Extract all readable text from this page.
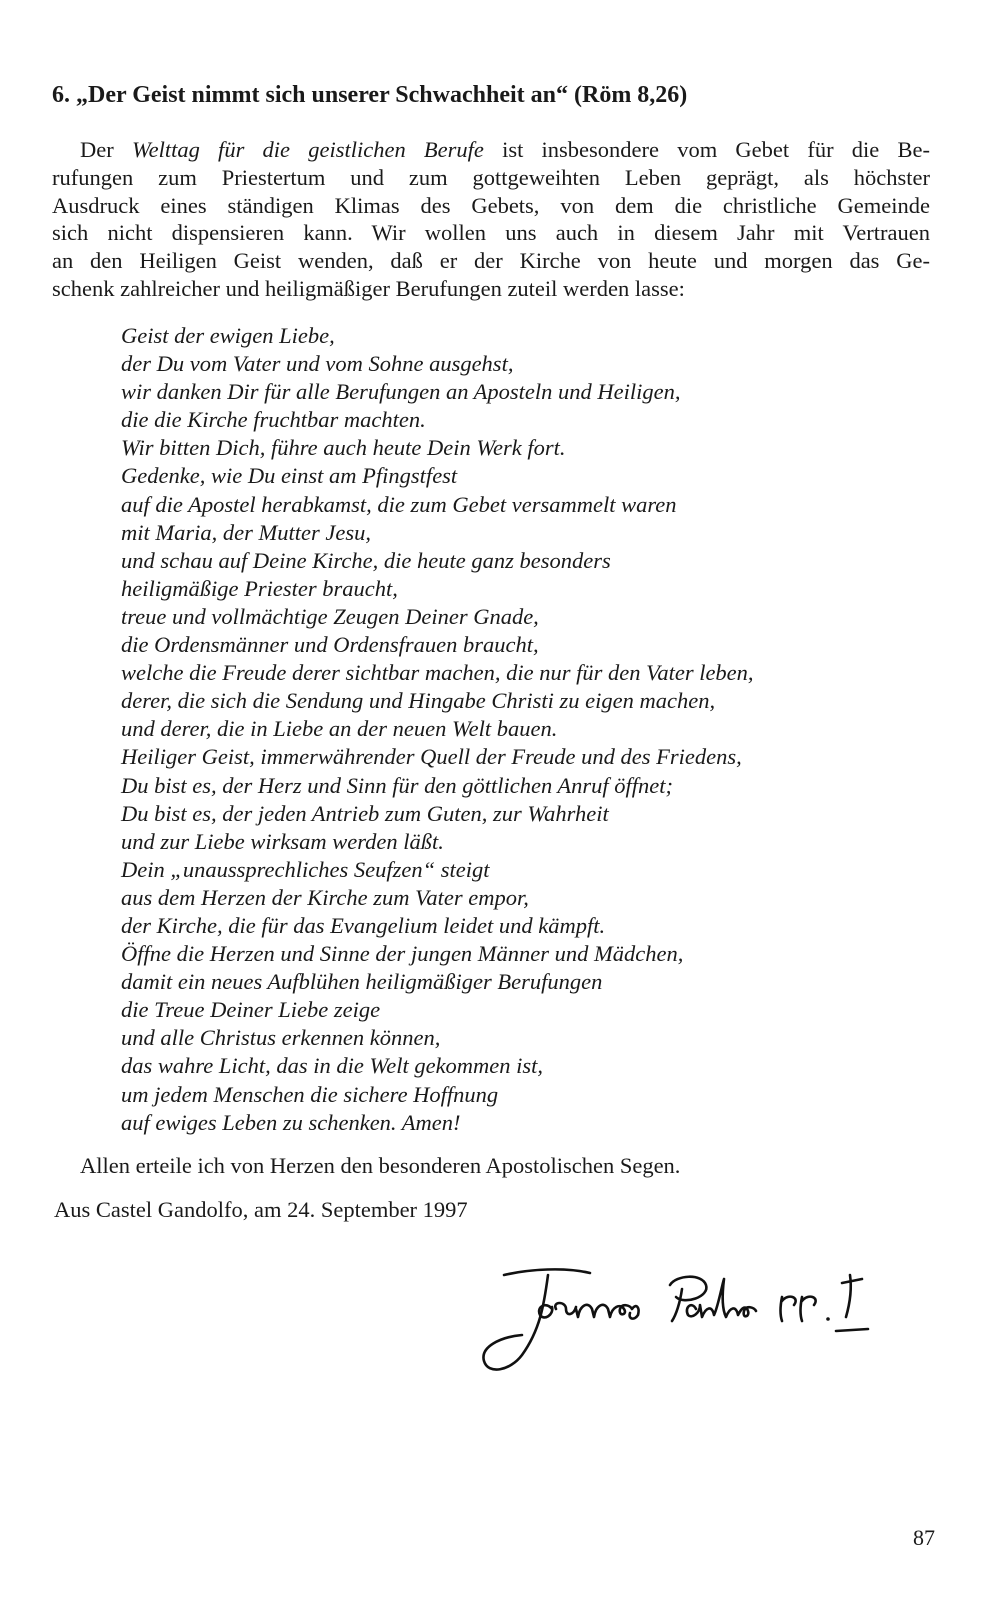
6. „Der Geist nimmt sich unserer Schwachheit an“ (Röm 8,26)
Der Welttag für die geistlichen Berufe ist insbesondere vom Gebet für die Be-
rufungen zum Priestertum und zum gottgeweihten Leben geprägt, als höchster
Ausdruck eines ständigen Klimas des Gebets, von dem die christliche Gemeinde
sich nicht dispensieren kann. Wir wollen uns auch in diesem Jahr mit Vertrauen
an den Heiligen Geist wenden, daß er der Kirche von heute und morgen das Ge-
schenk zahlreicher und heiligmäßiger Berufungen zuteil werden lasse:
Geist der ewigen Liebe,
der Du vom Vater und vom Sohne ausgehst,
wir danken Dir für alle Berufungen an Aposteln und Heiligen,
die die Kirche fruchtbar machten.
Wir bitten Dich, führe auch heute Dein Werk fort.
Gedenke, wie Du einst am Pfingstfest
auf die Apostel herabkamst, die zum Gebet versammelt waren
mit Maria, der Mutter Jesu,
und schau auf Deine Kirche, die heute ganz besonders
heiligmäßige Priester braucht,
treue und vollmächtige Zeugen Deiner Gnade,
die Ordensmänner und Ordensfrauen braucht,
welche die Freude derer sichtbar machen, die nur für den Vater leben,
derer, die sich die Sendung und Hingabe Christi zu eigen machen,
und derer, die in Liebe an der neuen Welt bauen.
Heiliger Geist, immerwährender Quell der Freude und des Friedens,
Du bist es, der Herz und Sinn für den göttlichen Anruf öffnet;
Du bist es, der jeden Antrieb zum Guten, zur Wahrheit
und zur Liebe wirksam werden läßt.
Dein „unaussprechliches Seufzen“ steigt
aus dem Herzen der Kirche zum Vater empor,
der Kirche, die für das Evangelium leidet und kämpft.
Öffne die Herzen und Sinne der jungen Männer und Mädchen,
damit ein neues Aufblühen heiligmäßiger Berufungen
die Treue Deiner Liebe zeige
und alle Christus erkennen können,
das wahre Licht, das in die Welt gekommen ist,
um jedem Menschen die sichere Hoffnung
auf ewiges Leben zu schenken. Amen!
Allen erteile ich von Herzen den besonderen Apostolischen Segen.
Aus Castel Gandolfo, am 24. September 1997
87
